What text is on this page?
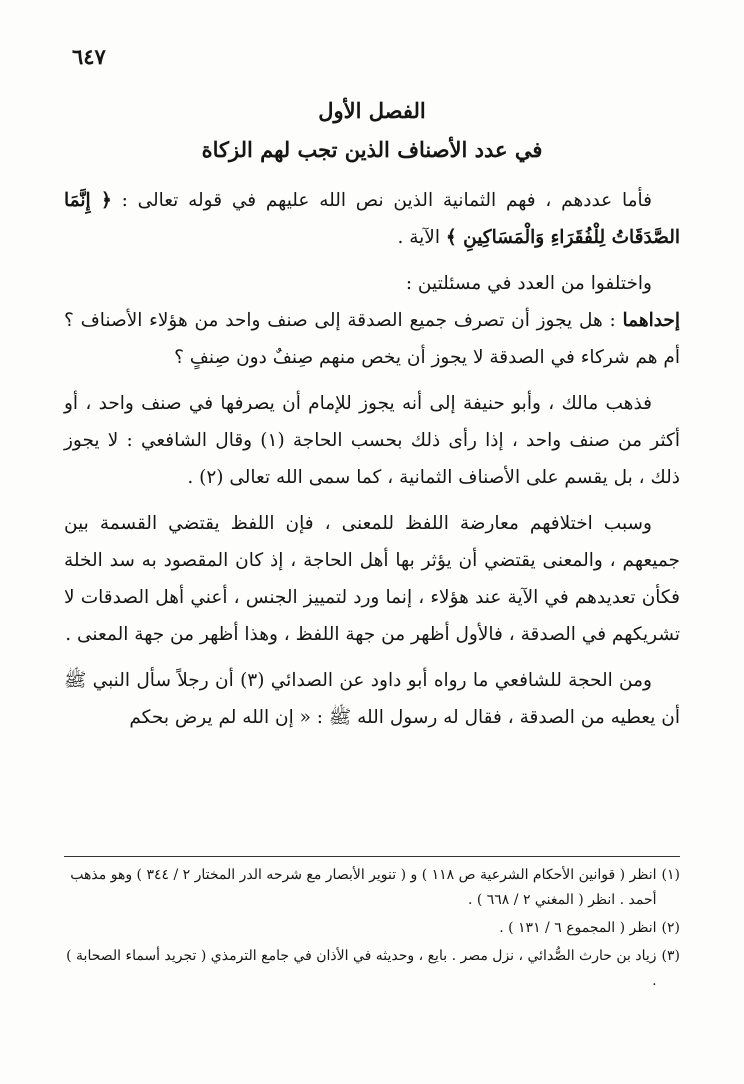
٦٤٧
الفصل الأول
في عدد الأصناف الذين تجب لهم الزكاة

فأما عددهم ، فهم الثمانية الذين نص الله عليهم في قوله تعالى : ﴿ إِنَّمَا الصَّدَقَاتُ لِلْفُقَرَاءِ وَالْمَسَاكِينِ ﴾ الآية .

واختلفوا من العدد في مسئلتين :

إحداهما : هل يجوز أن تصرف جميع الصدقة إلى صنف واحد من هؤلاء الأصناف ؟ أم هم شركاء في الصدقة لا يجوز أن يخص منهم صِنفٌ دون صِنفٍ ؟

فذهب مالك ، وأبو حنيفة إلى أنه يجوز للإمام أن يصرفها في صنف واحد ، أو أكثر من صنف واحد ، إذا رأى ذلك بحسب الحاجة (١) وقال الشافعي : لا يجوز ذلك ، بل يقسم على الأصناف الثمانية ، كما سمى الله تعالى (٢) .

وسبب اختلافهم معارضة اللفظ للمعنى ، فإن اللفظ يقتضي القسمة بين جميعهم ، والمعنى يقتضي أن يؤثر بها أهل الحاجة ، إذ كان المقصود به سد الخلة فكأن تعديدهم في الآية عند هؤلاء ، إنما ورد لتمييز الجنس ، أعني أهل الصدقات لا تشريكهم في الصدقة ، فالأول أظهر من جهة اللفظ ، وهذا أظهر من جهة المعنى .

ومن الحجة للشافعي ما رواه أبو داود عن الصدائي (٣) أن رجلاً سأل النبي ﷺ أن يعطيه من الصدقة ، فقال له رسول الله ﷺ : « إن الله لم يرض بحكم

(١)
انظر ( قوانين الأحكام الشرعية ص ١١٨ ) و ( تنوير الأبصار مع شرحه الدر المختار ٢ / ٣٤٤ ) وهو مذهب أحمد . انظر ( المغني ٢ / ٦٦٨ ) .
(٢)
انظر ( المجموع ٦ / ١٣١ ) .
(٣)
زياد بن حارث الصُّدائي ، نزل مصر . بايع ، وحديثه في الأذان في جامع الترمذي ( تجريد أسماء الصحابة ) .
